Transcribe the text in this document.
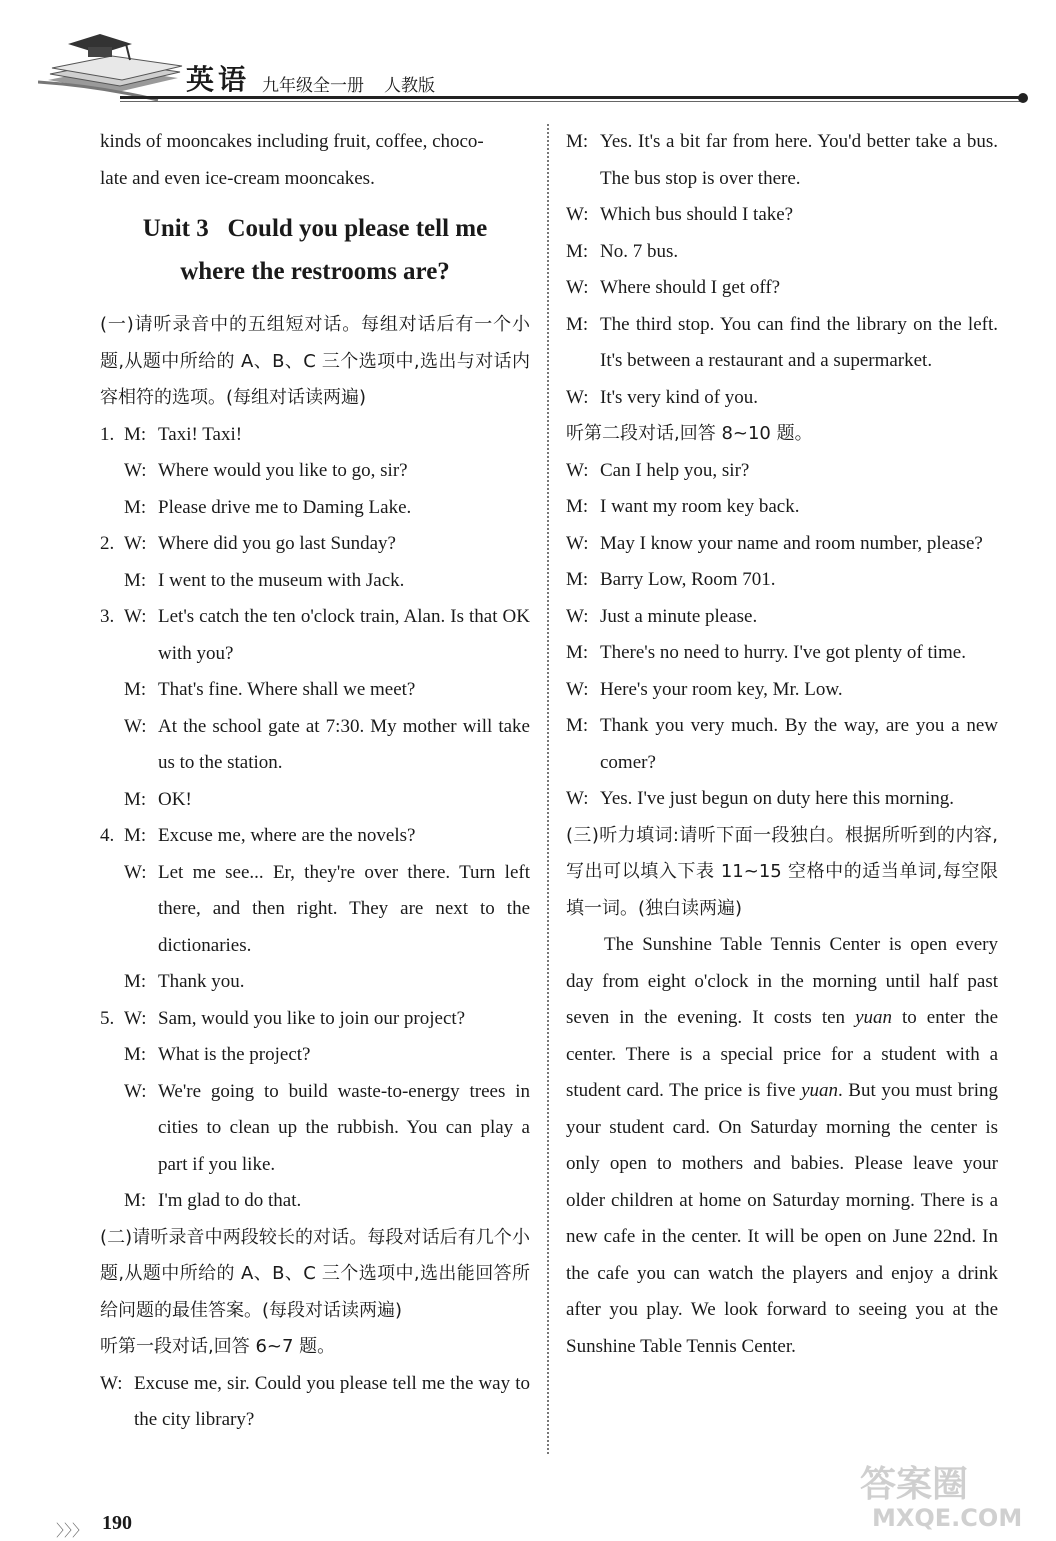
英语 九年级全一册 人教版
kinds of mooncakes including fruit, coffee, choco-
late and even ice-cream mooncakes.
Unit 3   Could you please tell me
where the restrooms are?
(一)请听录音中的五组短对话。每组对话后有一个小题,从题中所给的 A、B、C 三个选项中,选出与对话内容相符的选项。(每组对话读两遍)
1. M: Taxi! Taxi!
W: Where would you like to go, sir?
M: Please drive me to Daming Lake.
2. W: Where did you go last Sunday?
M: I went to the museum with Jack.
3. W: Let's catch the ten o'clock train, Alan. Is that OK with you?
M: That's fine. Where shall we meet?
W: At the school gate at 7:30. My mother will take us to the station.
M: OK!
4. M: Excuse me, where are the novels?
W: Let me see... Er, they're over there. Turn left there, and then right. They are next to the dictionaries.
M: Thank you.
5. W: Sam, would you like to join our project?
M: What is the project?
W: We're going to build waste-to-energy trees in cities to clean up the rubbish. You can play a part if you like.
M: I'm glad to do that.
(二)请听录音中两段较长的对话。每段对话后有几个小题,从题中所给的 A、B、C 三个选项中,选出能回答所给问题的最佳答案。(每段对话读两遍)
听第一段对话,回答 6~7 题。
W: Excuse me, sir. Could you please tell me the way to the city library?
M: Yes. It's a bit far from here. You'd better take a bus. The bus stop is over there.
W: Which bus should I take?
M: No. 7 bus.
W: Where should I get off?
M: The third stop. You can find the library on the left. It's between a restaurant and a supermarket.
W: It's very kind of you.
听第二段对话,回答 8~10 题。
W: Can I help you, sir?
M: I want my room key back.
W: May I know your name and room number, please?
M: Barry Low, Room 701.
W: Just a minute please.
M: There's no need to hurry. I've got plenty of time.
W: Here's your room key, Mr. Low.
M: Thank you very much. By the way, are you a new comer?
W: Yes. I've just begun on duty here this morning.
(三)听力填词:请听下面一段独白。根据所听到的内容,写出可以填入下表 11~15 空格中的适当单词,每空限填一词。(独白读两遍)
The Sunshine Table Tennis Center is open every day from eight o'clock in the morning until half past seven in the evening. It costs ten yuan to enter the center. There is a special price for a student with a student card. The price is five yuan. But you must bring your student card. On Saturday morning the center is only open to mothers and babies. Please leave your older children at home on Saturday morning. There is a new cafe in the center. It will be open on June 22nd. In the cafe you can watch the players and enjoy a drink after you play. We look forward to seeing you at the Sunshine Table Tennis Center.
〉〉〉 190
答案圈
MXQE.COM
